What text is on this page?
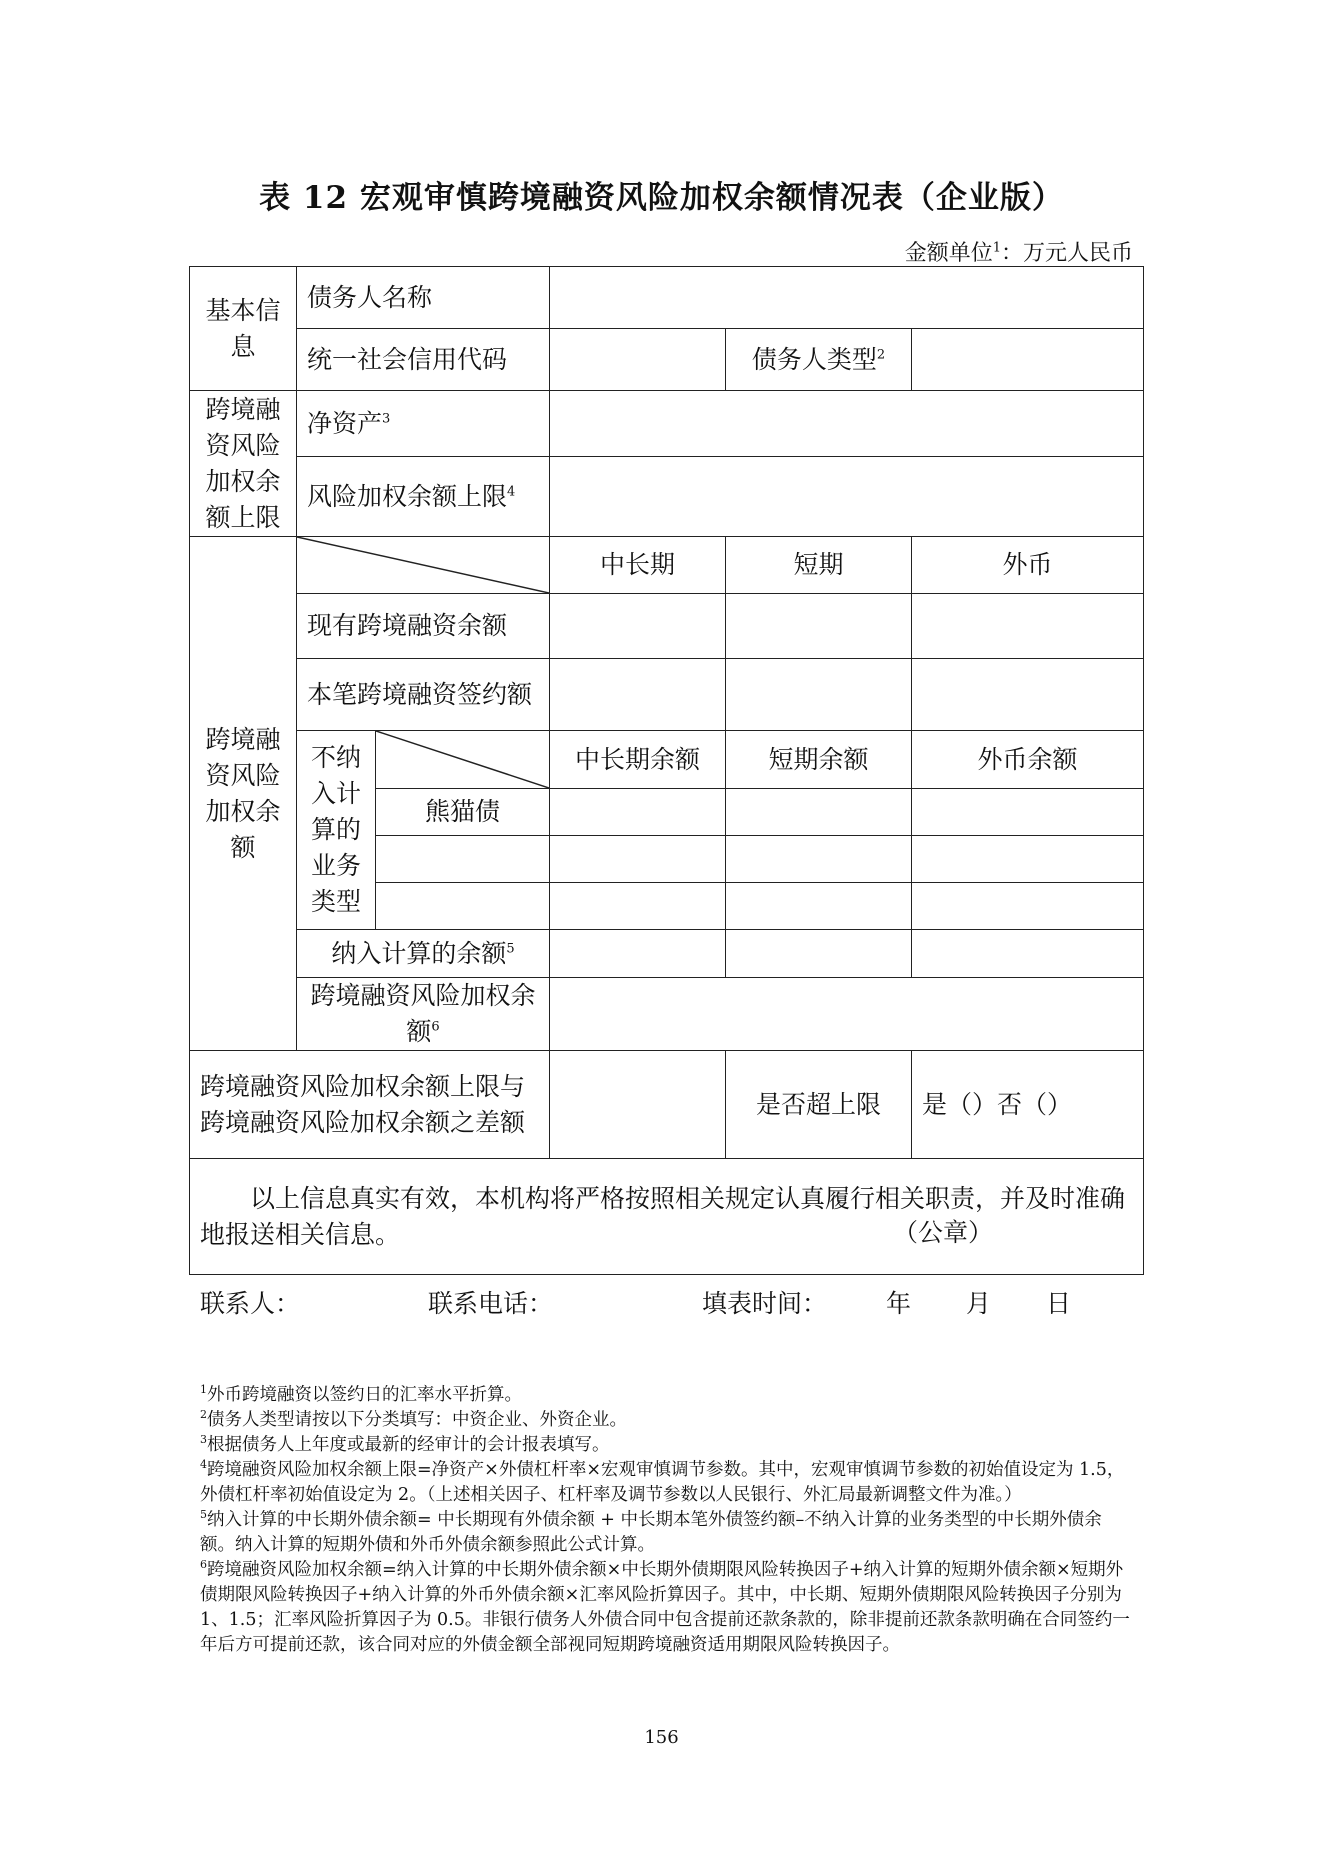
表 12 宏观审慎跨境融资风险加权余额情况表（企业版）
金额单位$^1$：万元人民币
基本信息	债务人名称				
	统一社会信用代码			债务人类型$^2$	
跨境融资风险加权余额上限	净资产$^3$	
	风险加权余额上限$^4$	
跨境融资风险加权余额			中长期	短期	外币
	现有跨境融资余额				
	本笔跨境融资签约额				
	不纳入计算的业务类型		中长期余额	短期余额	外币余额
		熊猫债			

	纳入计算的余额$^5$			
	跨境融资风险加权余额$^6$	
跨境融资风险加权余额上限与跨境融资风险加权余额之差额				是否超上限	是（）否（）

以上信息真实有效，本机构将严格按照相关规定认真履行相关职责，并及时准确地报送相关信息。 （公章）					
联系人：	联系电话：	填表时间： 年 月 日

$^1$外币跨境融资以签约日的汇率水平折算。

$^2$债务人类型请按以下分类填写：中资企业、外资企业。

$^3$根据债务人上年度或最新的经审计的会计报表填写。

$^4$跨境融资风险加权余额上限=净资产×外债杠杆率×宏观审慎调节参数。其中，宏观审慎调节参数的初始值设定为 1.5，外债杠杆率初始值设定为 2。（上述相关因子、杠杆率及调节参数以人民银行、外汇局最新调整文件为准。）

$^5$纳入计算的中长期外债余额= 中长期现有外债余额 + 中长期本笔外债签约额–不纳入计算的业务类型的中长期外债余额。纳入计算的短期外债和外币外债余额参照此公式计算。

$^6$跨境融资风险加权余额=纳入计算的中长期外债余额×中长期外债期限风险转换因子+纳入计算的短期外债余额×短期外债期限风险转换因子+纳入计算的外币外债余额×汇率风险折算因子。其中，中长期、短期外债期限风险转换因子分别为 1、1.5；汇率风险折算因子为 0.5。非银行债务人外债合同中包含提前还款条款的，除非提前还款条款明确在合同签约一年后方可提前还款，该合同对应的外债金额全部视同短期跨境融资适用期限风险转换因子。

156
